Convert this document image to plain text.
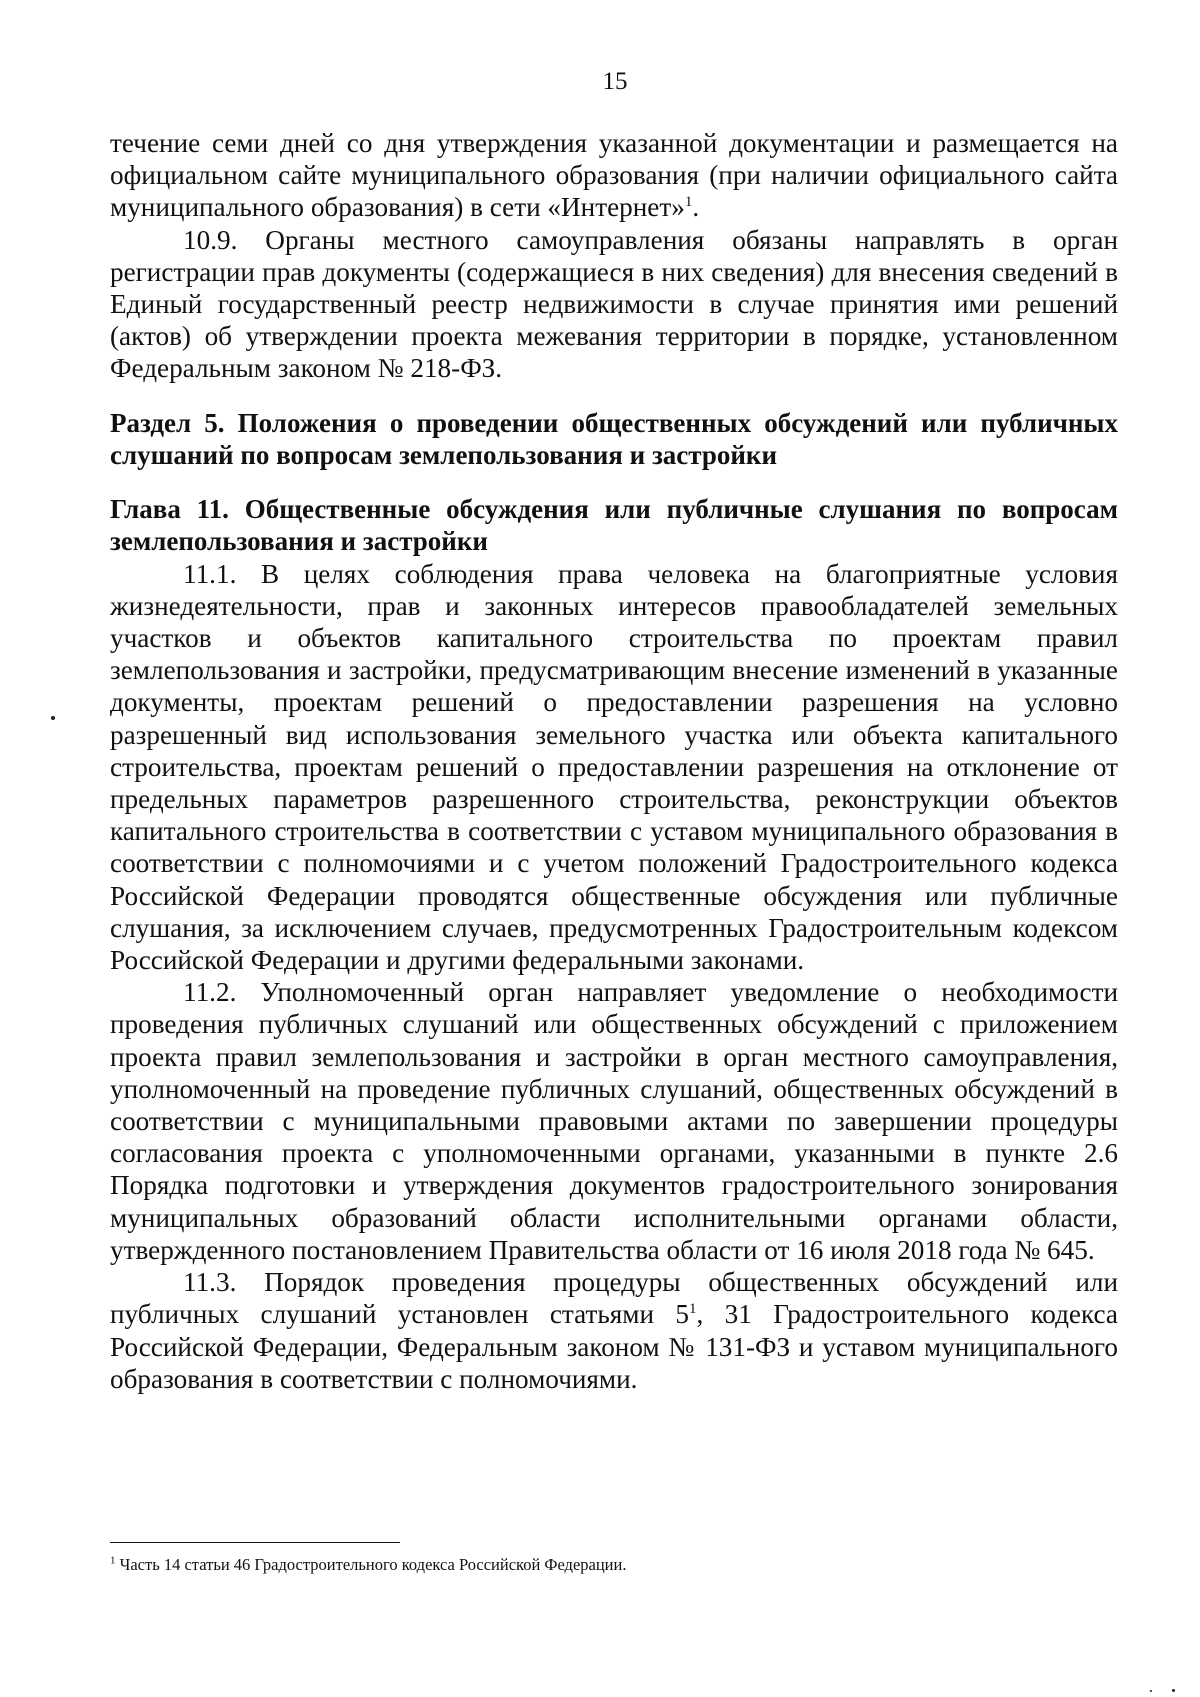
15

течение семи дней со дня утверждения указанной документации и размещается на официальном сайте муниципального образования (при наличии официального сайта муниципального образования) в сети «Интернет»$^1$.

10.9. Органы местного самоуправления обязаны направлять в орган регистрации прав документы (содержащиеся в них сведения) для внесения сведений в Единый государственный реестр недвижимости в случае принятия ими решений (актов) об утверждении проекта межевания территории в порядке, установленном Федеральным законом № 218-ФЗ.

Раздел 5. Положения о проведении общественных обсуждений или публичных слушаний по вопросам землепользования и застройки

Глава 11. Общественные обсуждения или публичные слушания по вопросам землепользования и застройки

11.1. В целях соблюдения права человека на благоприятные условия жизнедеятельности, прав и законных интересов правообладателей земельных участков и объектов капитального строительства по проектам правил землепользования и застройки, предусматривающим внесение изменений в указанные документы, проектам решений о предоставлении разрешения на условно разрешенный вид использования земельного участка или объекта капитального строительства, проектам решений о предоставлении разрешения на отклонение от предельных параметров разрешенного строительства, реконструкции объектов капитального строительства в соответствии с уставом муниципального образования в соответствии с полномочиями и с учетом положений Градостроительного кодекса Российской Федерации проводятся общественные обсуждения или публичные слушания, за исключением случаев, предусмотренных Градостроительным кодексом Российской Федерации и другими федеральными законами.

11.2. Уполномоченный орган направляет уведомление о необходимости проведения публичных слушаний или общественных обсуждений с приложением проекта правил землепользования и застройки в орган местного самоуправления, уполномоченный на проведение публичных слушаний, общественных обсуждений в соответствии с муниципальными правовыми актами по завершении процедуры согласования проекта с уполномоченными органами, указанными в пункте 2.6 Порядка подготовки и утверждения документов градостроительного зонирования муниципальных образований области исполнительными органами области, утвержденного постановлением Правительства области от 16 июля 2018 года № 645.

11.3. Порядок проведения процедуры общественных обсуждений или публичных слушаний установлен статьями $5^1$, 31 Градостроительного кодекса Российской Федерации, Федеральным законом № 131-ФЗ и уставом муниципального образования в соответствии с полномочиями.

$^1$ Часть 14 статьи 46 Градостроительного кодекса Российской Федерации.
